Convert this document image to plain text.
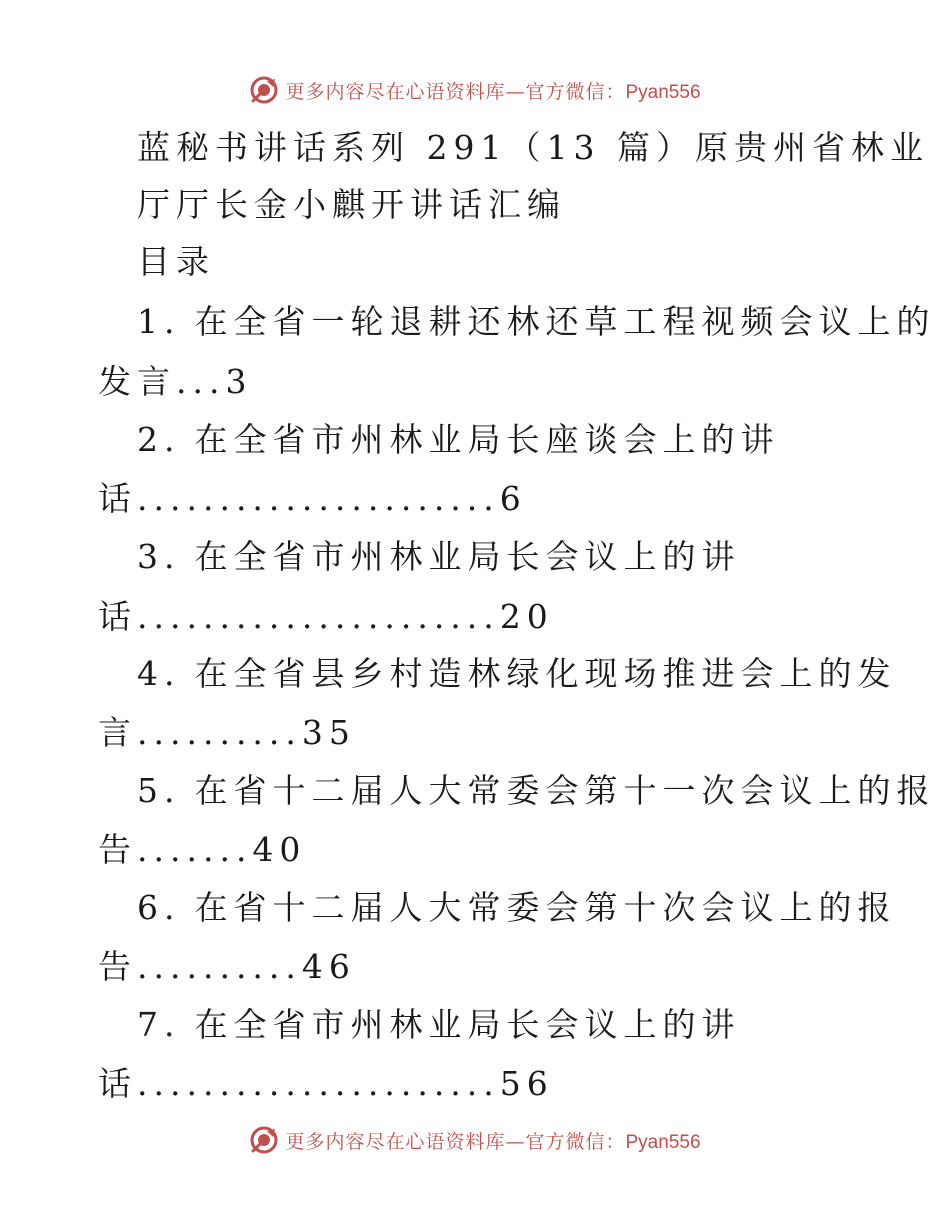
更多内容尽在心语资料库—官方微信：Pyan556
蓝秘书讲话系列 291（13 篇）原贵州省林业
厅厅长金小麒开讲话汇编
目录
1. 在全省一轮退耕还林还草工程视频会议上的
发言...3
2. 在全省市州林业局长座谈会上的讲
话......................6
3. 在全省市州林业局长会议上的讲
话......................20
4. 在全省县乡村造林绿化现场推进会上的发
言..........35
5. 在省十二届人大常委会第十一次会议上的报
告.......40
6. 在省十二届人大常委会第十次会议上的报
告..........46
7. 在全省市州林业局长会议上的讲
话......................56
更多内容尽在心语资料库—官方微信：Pyan556
